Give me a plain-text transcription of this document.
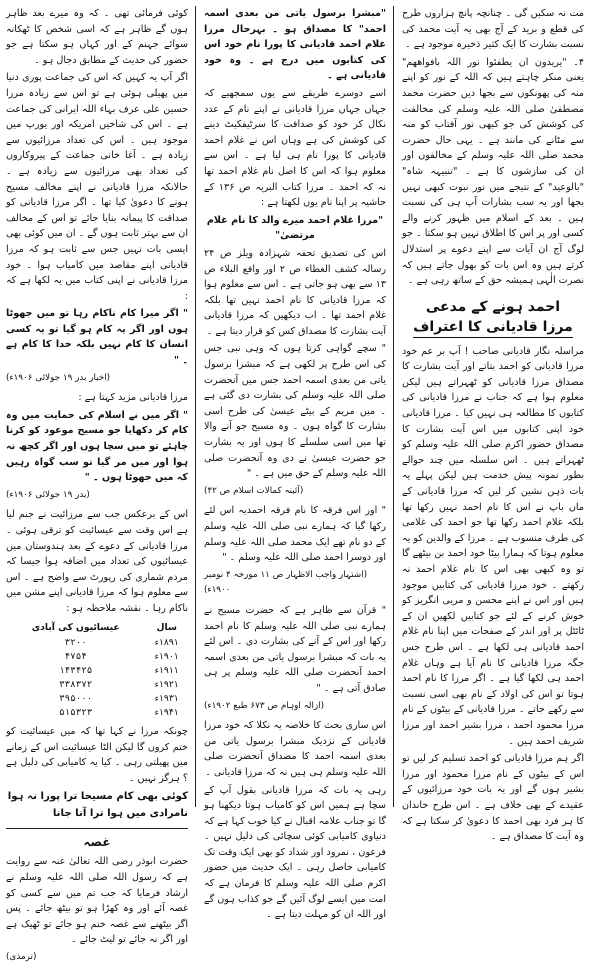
مت نہ سکیں گی ۔ چنانچہ پانچ ہزاروں طرح کی قطع و برید کے آج بھی یہ آیت محمد کی نسبت بشارت کا ایک کثیر ذخیرہ موجود ہے ۔

۴۔ "یریدون ان یطفئوا نور اللہ بافواھھم" یعنی منکر چاہتے ہیں کہ اللہ کے نور کو اپنے منہ کی پھونکوں سے بجھا دیں حضرت محمد مصطفیٰ صلی اللہ علیہ وسلم کی مخالفت کی کوشش کی جو کبھی نور آفتاب کو منہ سے مٹانے کی مانند ہے ۔ یہی حال حضرت محمد صلی اللہ علیہ وسلم کے مخالفوں اور ان کی سازشوں کا ہے ۔ "تنبیہہ شاہ" "بالوعید" کے نتیجے میں نور نبوت کبھی نہیں بجھا اور یہ سب بشارات آپ ہی کی نسبت ہیں ۔ بعد کے اسلام میں ظہور کرنے والے کسی اور پر اس کا اطلاق نہیں ہو سکتا ۔ جو لوگ آج ان آیات سے اپنے دعوے پر استدلال کرتے ہیں وہ اس بات کو بھول جاتے ہیں کہ نصرت الٰہی ہمیشہ حق کے ساتھ رہی ہے ۔

احمد ہونے کے مدعی
مرزا قادیانی کا اعتراف

مراسلہ نگار قادیانی صاحب ! آپ بر عم خود مرزا قادیانی کو احمد بتاتے اور آیت بشارت کا مصداق مرزا قادیانی کو ٹھہراتے ہیں لیکن معلوم ہوا ہے کہ جناب نے مرزا قادیانی کی کتابوں کا مطالعہ ہی نہیں کیا ۔ مرزا قادیانی خود اپنی کتابوں میں اس آیت بشارت کا مصداق حضور اکرم صلی اللہ علیہ وسلم کو ٹھہراتے ہیں ۔ اس سلسلہ میں چند حوالے بطور نمونہ پیش خدمت ہیں لیکن پہلے یہ بات ذہن نشین کر لیں کہ مرزا قادیانی کے ماں باپ نے اس کا نام احمد نہیں رکھا تھا بلکہ غلام احمد رکھا تھا جو احمد کی غلامی کی طرف منسوب ہے ۔ مرزا کے والدین کو یہ معلوم ہوتا کہ ہمارا بیٹا خود احمد بن بیٹھے گا تو وہ کبھی بھی اس کا نام غلام احمد نہ رکھتے ۔ خود مرزا قادیانی کی کتابیں موجود ہیں اور اس نے اپنے محسن و مربی انگریز کو خوش کرنے کے لئے جو کتابیں لکھیں ان کے ٹائٹل پر اور اندر کے صفحات میں اپنا نام غلام احمد قادیانی ہی لکھا ہے ۔ اس طرح جس جگہ مرزا قادیانی کا نام آیا ہے وہاں غلام احمد ہی لکھا گیا ہے ۔ اگر مرزا کا نام احمد ہوتا تو اس کی اولاد کے نام بھی اسی نسبت سے رکھے جاتے ۔ مرزا قادیانی کے بیٹوں کے نام مرزا محمود احمد ، مرزا بشیر احمد اور مرزا شریف احمد ہیں ۔

اگر ہم مرزا قادیانی کو احمد تسلیم کر لیں تو اس کے بیٹوں کے نام مرزا محمود اور مرزا بشیر ہوں گے اور یہ بات خود مرزائیوں کے عقیدے کے بھی خلاف ہے ۔ اس طرح خاندان کا ہر فرد بھی احمد کا دعویٰ کر سکتا ہے کہ وہ آیت کا مصداق ہے ۔

"مبشرا برسول یاتی من بعدی اسمہ احمد" کا مصداق ہو ۔ بہرحال مرزا غلام احمد قادیانی کا پورا نام خود اس کی کتابوں میں درج ہے ۔ وہ خود قادیانی ہے ۔

اسے دوسرے طریقے سے یوں سمجھیے کہ جہاں جہاں مرزا قادیانی نے اپنے نام کے عدد نکال کر خود کو صداقت کا سرٹیفکیٹ دینے کی کوشش کی ہے وہاں اس نے غلام احمد قادیانی کا پورا نام ہی لیا ہے ۔ اس سے معلوم ہوا کہ اس کا اصل نام غلام احمد تھا نہ کہ احمد ۔ مرزا کتاب البریہ ص ۱۳۶ کے حاشیہ پر اپنا نام یوں لکھتا ہے :

"مرزا غلام احمد میرے والد کا نام غلام مرتضیٰ"

اس کی تصدیق تحفہ شہزادہ ویلز ص ۲۴ رسالہ کشف الغطاء ص ۲ اور واقع البلاء ص ۱۳ سے بھی ہو جاتی ہے ۔ اس سے معلوم ہوا کہ مرزا قادیانی کا نام احمد نہیں تھا بلکہ غلام احمد تھا ۔ اب دیکھیں کہ مرزا قادیانی آیت بشارت کا مصداق کس کو قرار دیتا ہے ۔

" سچے گواہی کرتا ہوں کہ وہی نبی جس کی اس طرح پر لکھی ہے کہ مبشرا برسول یاتی من بعدی اسمہ احمد جس میں آنحضرت صلی اللہ علیہ وسلم کی بشارت دی گئی ہے ۔ میں مریم کے بیٹے عیسیٰ کی طرح اسی بشارت کا گواہ ہوں ۔ وہ مسیح جو آنے والا تھا میں اسی سلسلے کا ہوں اور یہ بشارت جو حضرت عیسیٰ نے دی وہ آنحضرت صلی اللہ علیہ وسلم کے حق میں ہے ۔ "

(آئینہ کمالات اسلام ص ۴۲)

" اور اس فرقہ کا نام فرقہ احمدیہ اس لئے رکھا گیا کہ ہمارے نبی صلی اللہ علیہ وسلم کے دو نام تھے ایک محمد صلی اللہ علیہ وسلم اور دوسرا احمد صلی اللہ علیہ وسلم ۔ "

(اشتہار واجب الاظہار ص ۱۱ مورخہ ۴ نومبر ۱۹۰۰ء)

" قرآن سے ظاہر ہے کہ حضرت مسیح نے ہمارے نبی صلی اللہ علیہ وسلم کا نام احمد رکھا اور اس کے آنے کی بشارت دی ۔ اس لئے یہ بات کہ مبشرا برسول یاتی من بعدی اسمہ احمد آنحضرت صلی اللہ علیہ وسلم پر ہی صادق آتی ہے ۔ "

(ازالہ اوہام ص ۶۷۳ طبع ۱۹۰۲ء)

اس ساری بحث کا خلاصہ یہ نکلا کہ خود مرزا قادیانی کے نزدیک مبشرا برسول یاتی من بعدی اسمہ احمد کا مصداق آنحضرت صلی اللہ علیہ وسلم ہی ہیں نہ کہ مرزا قادیانی ۔

رہی یہ بات کہ مرزا قادیانی بقول آپ کے سچا ہے ہمیں اس کو کامیاب ہوتا دیکھنا ہو گا تو جناب علامہ اقبال نے کیا خوب کہا ہے کہ دنیاوی کامیابی کوئی سچائی کی دلیل نہیں ۔ فرعون ، نمرود اور شداد کو بھی ایک وقت تک کامیابی حاصل رہی ۔ ایک حدیث میں حضور اکرم صلی اللہ علیہ وسلم کا فرمان ہے کہ امت میں ایسے لوگ آئیں گے جو کذاب ہوں گے اور اللہ ان کو مہلت دیتا ہے ۔

کوئی فرمائی تھی ۔ کہ وہ میرے بعد ظاہر ہوں گے ظاہر ہے کہ اسی شخص کا ٹھکانہ سوائے جہنم کے اور کہاں ہو سکتا ہے جو حضور کی حدیث کے مطابق دجال ہو ۔

اگر آپ یہ کہیں کہ اس کی جماعت پوری دنیا میں پھیلی ہوئی ہے تو اس سے زیادہ مرزا حسین علی عرف بہاء اللہ ایرانی کی جماعت ہے ۔ اس کی شاخیں امریکہ اور یورپ میں موجود ہیں ۔ اس کی تعداد مرزائیوں سے زیادہ ہے ۔ آغا خانی جماعت کے پیروکاروں کی تعداد بھی مرزائیوں سے زیادہ ہے ۔ حالانکہ مرزا قادیانی نے اپنے مخالف مسیح ہونے کا دعویٰ کیا تھا ۔ اگر مرزا قادیانی کو صداقت کا پیمانہ بنایا جائے تو اس کے مخالف ان سے بہتر ثابت ہوں گے ۔ ان میں کوئی بھی ایسی بات نہیں جس سے ثابت ہو کہ مرزا قادیانی اپنے مقاصد میں کامیاب ہوا ۔ خود مرزا قادیانی نے اپنی کتاب میں یہ لکھا ہے کہ :

" اگر میرا کام ناکام رہا تو میں جھوٹا ہوں اور اگر یہ کام ہو گیا تو یہ کسی انسان کا کام نہیں بلکہ خدا کا کام ہے ۔ "

(اخبار بدر ۱۹ جولائی ۱۹۰۶ء)

مرزا قادیانی مزید کہتا ہے :

" اگر میں نے اسلام کی حمایت میں وہ کام کر دکھایا جو مسیح موعود کو کرنا چاہئے تو میں سچا ہوں اور اگر کچھ نہ ہوا اور میں مر گیا تو سب گواہ رہیں کہ میں جھوٹا ہوں ۔ "

(بدر ۱۹ جولائی ۱۹۰۶ء)

اس کے برعکس جب سے مرزائیت نے جنم لیا ہے اس وقت سے عیسائیت کو ترقی ہوئی ۔ مرزا قادیانی کے دعوے کے بعد ہندوستان میں عیسائیوں کی تعداد میں اضافہ ہوا جیسا کہ مردم شماری کی رپورٹ سے واضح ہے ۔ اس سے معلوم ہوا کہ مرزا قادیانی اپنے مشن میں ناکام رہا ۔ نقشہ ملاحظہ ہو :

سال	عیسائیوں کی آبادی
۱۸۹۱ء	۳۲۰۰
۱۹۰۱ء	۴۷۵۴
۱۹۱۱ء	۱۴۳۴۲۵
۱۹۲۱ء	۳۳۸۳۷۲
۱۹۳۱ء	۳۹۵۰۰۰
۱۹۴۱ء	۵۱۵۳۲۳

چونکہ مرزا نے کہا تھا کہ میں عیسائیت کو ختم کروں گا لیکن الٹا عیسائیت اس کے زمانے میں پھیلتی رہی ۔ کیا یہ کامیابی کی دلیل ہے ؟ ہرگز نہیں ۔

کوئی بھی کام مسیحا ترا پورا نہ ہوا
نامرادی میں ہوا ترا آنا جانا
غصہ

حضرت ابوذر رضی اللہ تعالیٰ عنہ سے روایت ہے کہ رسول اللہ صلی اللہ علیہ وسلم نے ارشاد فرمایا کہ جب تم میں سے کسی کو غصہ آئے اور وہ کھڑا ہو تو بیٹھ جائے ۔ پس اگر بیٹھنے سے غصہ ختم ہو جائے تو ٹھیک ہے اور اگر نہ جائے تو لیٹ جائے ۔

(ترمذی)
